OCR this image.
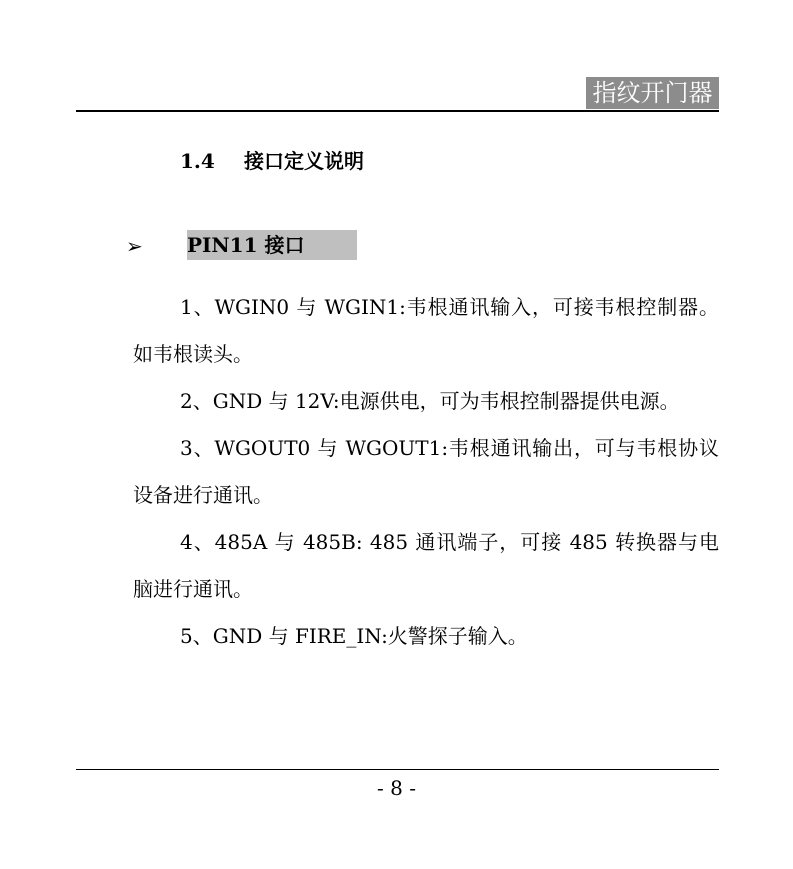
指纹开门器
1.4 接口定义说明
➢ PIN11 接口

1、WGIN0 与 WGIN1:韦根通讯输入，可接韦根控制器。如韦根读头。

2、GND 与 12V:电源供电，可为韦根控制器提供电源。

3、WGOUT0 与 WGOUT1:韦根通讯输出，可与韦根协议设备进行通讯。

4、485A 与 485B: 485 通讯端子，可接 485 转换器与电脑进行通讯。

5、GND 与 FIRE_IN:火警探子输入。

- 8 -
